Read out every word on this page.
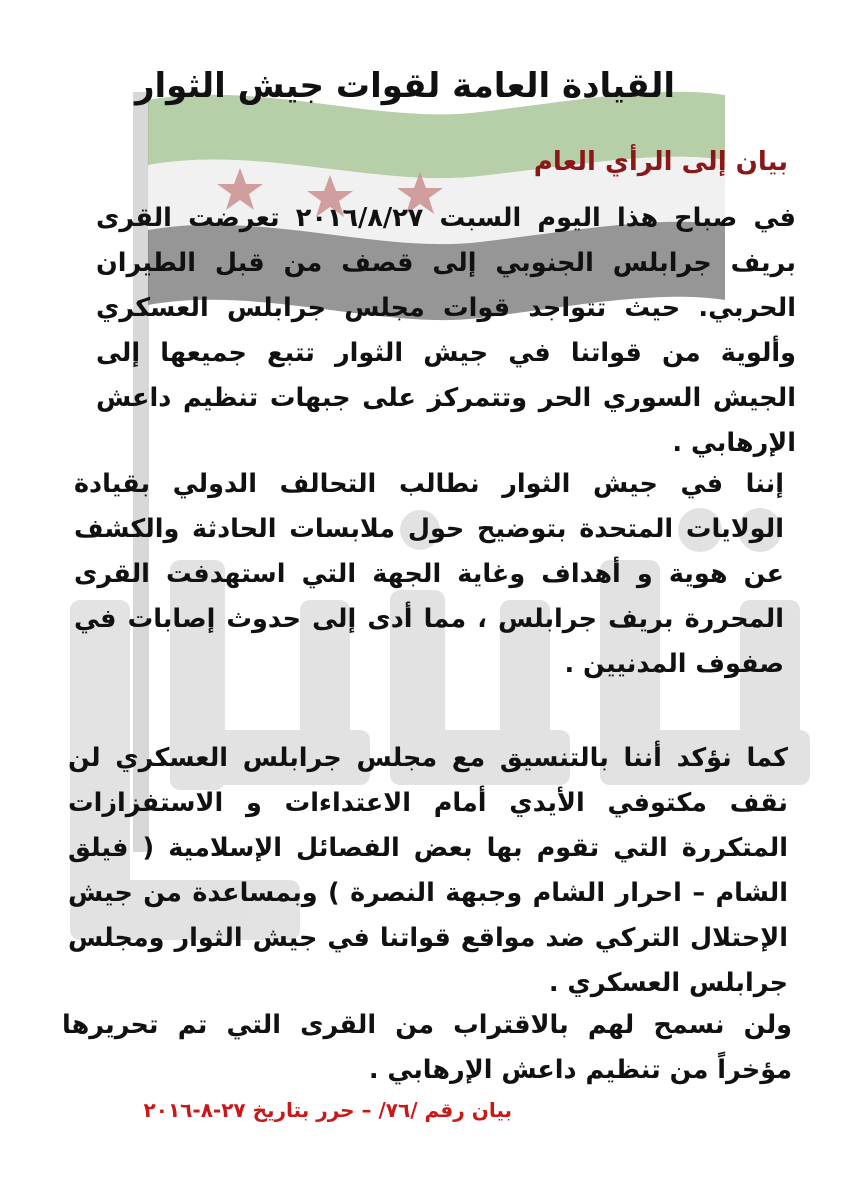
القيادة العامة لقوات جيش الثوار
بيان إلى الرأي العام

في صباح هذا اليوم السبت ٢٠١٦/٨/٢٧ تعرضت القرى بريف جرابلس الجنوبي إلى قصف من قبل الطيران الحربي. حيث تتواجد قوات مجلس جرابلس العسكري وألوية من قواتنا في جيش الثوار تتبع جميعها إلى الجيش السوري الحر وتتمركز على جبهات تنظيم داعش الإرهابي .

إننا في جيش الثوار نطالب التحالف الدولي بقيادة الولايات المتحدة بتوضيح حول ملابسات الحادثة والكشف عن هوية و أهداف وغاية الجهة التي استهدفت القرى المحررة بريف جرابلس ، مما أدى إلى حدوث إصابات في صفوف المدنيين .

كما نؤكد أننا بالتنسيق مع مجلس جرابلس العسكري لن نقف مكتوفي الأيدي أمام الاعتداءات و الاستفزازات المتكررة التي تقوم بها بعض الفصائل الإسلامية ( فيلق الشام – احرار الشام وجبهة النصرة ) وبمساعدة من جيش الإحتلال التركي ضد مواقع قواتنا في جيش الثوار ومجلس جرابلس العسكري .

ولن نسمح لهم بالاقتراب من القرى التي تم تحريرها مؤخراً من تنظيم داعش الإرهابي .

بيان رقم /٧٦/ – حرر بتاريخ ٢٧-٨-٢٠١٦
